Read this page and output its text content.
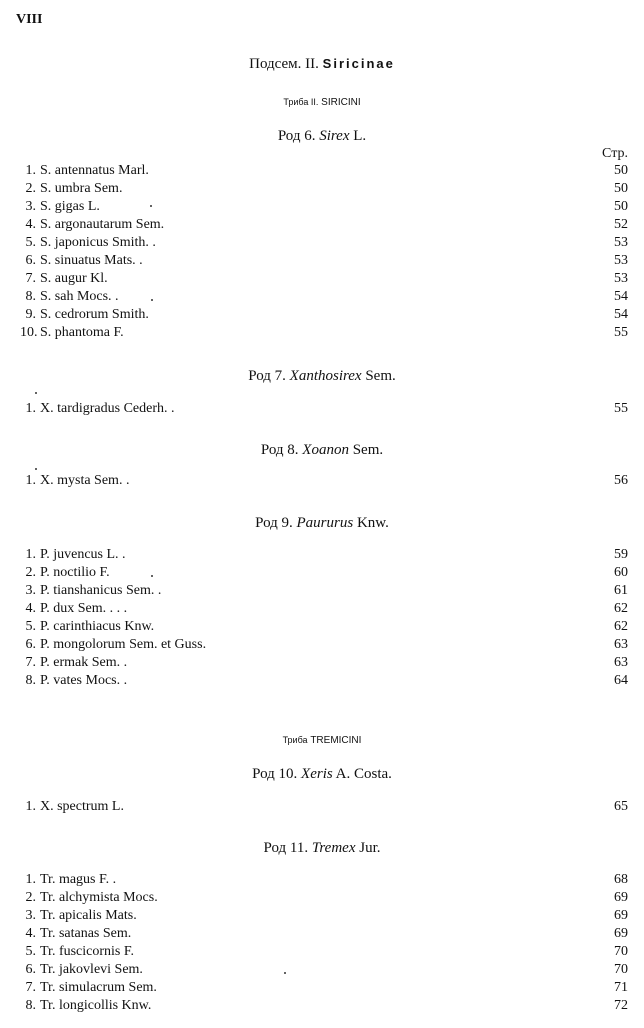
VIII
Подсем. II. Siricinae
Триба II. SIRICINI
Триба TREMICINI
Стр.
Род 6. Sirex L.
Род 7. Xanthosirex Sem.
Род 8. Xoanon Sem.
Род 9. Paururus Knw.
Род 10. Xeris A. Costa.
Род 11. Tremex Jur.
1. S. antennatus Marl.	50
2. S. umbra Sem.	50
3. S. gigas L.	50
4. S. argonautarum Sem.	52
5. S. japonicus Smith. .	53
6. S. sinuatus Mats. .	53
7. S. augur Kl.	53
8. S. sah Mocs. .	54
9. S. cedrorum Smith.	54
10. S. phantoma F.	55
1. X. tardigradus Cederh. .	55
1. X. mysta Sem. .	56
1. P. juvencus L. .	59
2. P. noctilio F.	60
3. P. tianshanicus Sem. .	61
4. P. dux Sem. . . .	62
5. P. carinthiacus Knw.	62
6. P. mongolorum Sem. et Guss.	63
7. P. ermak Sem. .	63
8. P. vates Mocs. .	64
1. X. spectrum L.	65
1. Tr. magus F. .	68
2. Tr. alchymista Mocs.	69
3. Tr. apicalis Mats.	69
4. Tr. satanas Sem.	69
5. Tr. fuscicornis F.	70
6. Tr. jakovlevi Sem.	70
7. Tr. simulacrum Sem.	71
8. Tr. longicollis Knw.	72
